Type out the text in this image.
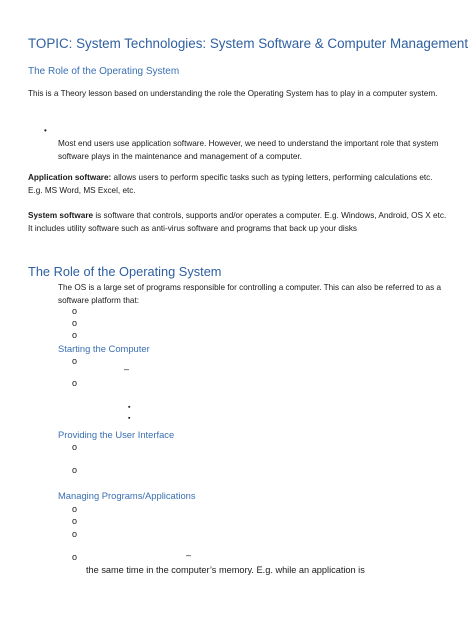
TOPIC: System Technologies: System Software & Computer Management
The Role of the Operating System
This is a Theory lesson based on understanding the role the Operating System has to play in a computer system.
•
Most end users use application software. However, we need to understand the important role that system software plays in the maintenance and management of a computer.
Application software: allows users to perform specific tasks such as typing letters, performing calculations etc. E.g. MS Word, MS Excel, etc.
System software is software that controls, supports and/or operates a computer. E.g. Windows, Android, OS X etc. It includes utility software such as anti-virus software and programs that back up your disks
The Role of the Operating System
The OS is a large set of programs responsible for controlling a computer. This can also be referred to as a software platform that:
o
o
o
Starting the Computer
o
–
o
▪
▪
Providing the User Interface
o
o
Managing Programs/Applications
o
o
o
o	–
the same time in the computer’s memory. E.g. while an application is
